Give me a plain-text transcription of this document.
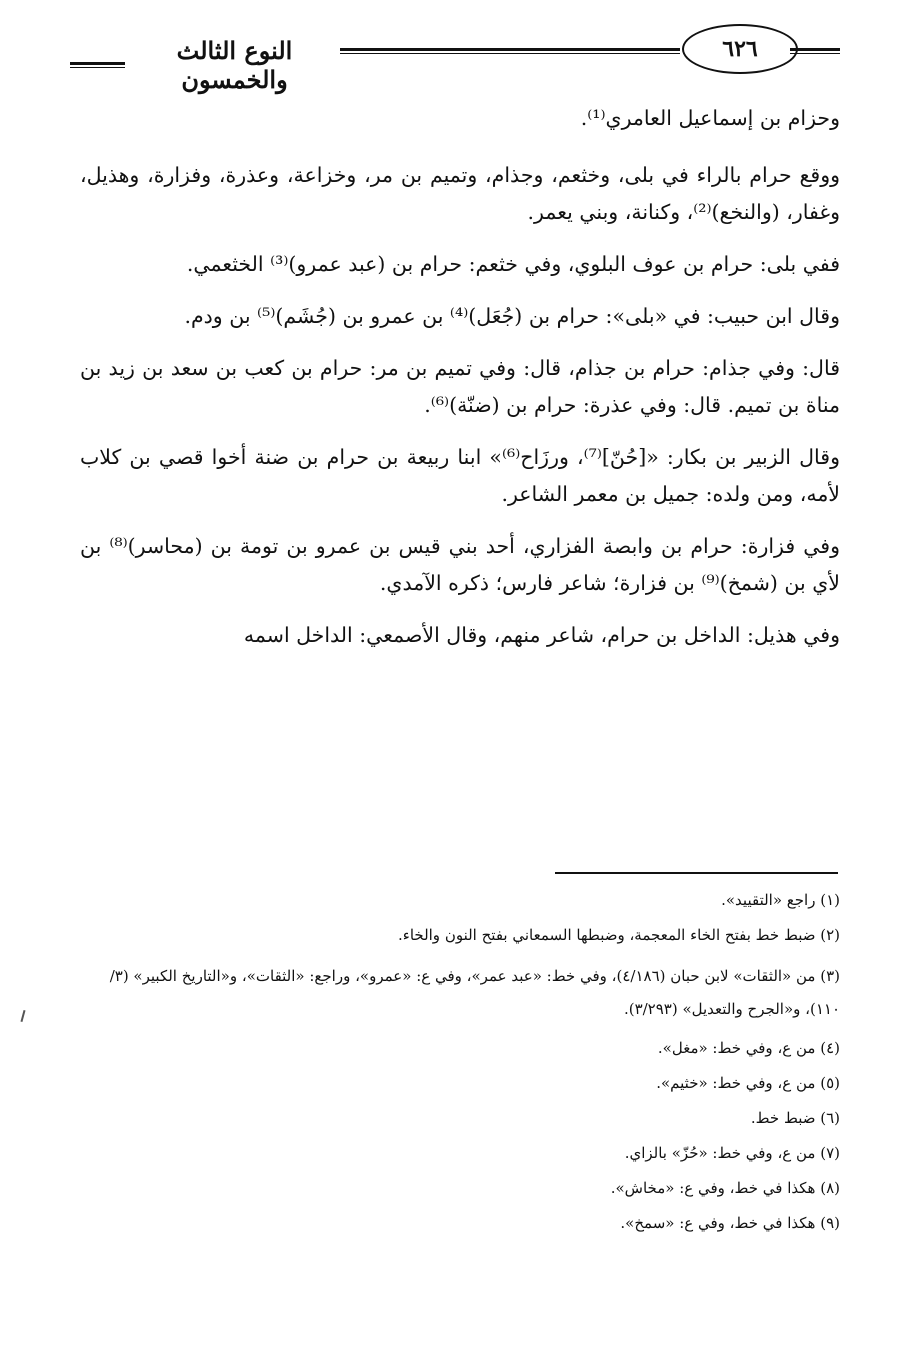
٦٢٦
النوع الثالث والخمسون

وحزام بن إسماعيل العامري⁽¹⁾.

ووقع حرام بالراء في بلى، وخثعم، وجذام، وتميم بن مر، وخزاعة، وعذرة، وفزارة، وهذيل، وغفار، (والنخع)⁽²⁾، وكنانة، وبني يعمر.

ففي بلى: حرام بن عوف البلوي، وفي خثعم: حرام بن (عبد عمرو)⁽³⁾ الخثعمي.

وقال ابن حبيب: في «بلى»: حرام بن (جُعَل)⁽⁴⁾ بن عمرو بن (جُشَم)⁽⁵⁾ بن ودم.

قال: وفي جذام: حرام بن جذام، قال: وفي تميم بن مر: حرام بن كعب بن سعد بن زيد بن مناة بن تميم. قال: وفي عذرة: حرام بن (ضنّة)⁽⁶⁾.

وقال الزبير بن بكار: «[حُنّ]⁽⁷⁾، ورزَاح⁽⁶⁾» ابنا ربيعة بن حرام بن ضنة أخوا قصي بن كلاب لأمه، ومن ولده: جميل بن معمر الشاعر.

وفي فزارة: حرام بن وابصة الفزاري، أحد بني قيس بن عمرو بن تومة بن (محاسر)⁽⁸⁾ بن لأي بن (شمخ)⁽⁹⁾ بن فزارة؛ شاعر فارس؛ ذكره الآمدي.

وفي هذيل: الداخل بن حرام، شاعر منهم، وقال الأصمعي: الداخل اسمه

(١) راجع «التقييد».
(٢) ضبط خط بفتح الخاء المعجمة، وضبطها السمعاني بفتح النون والخاء.
(٣) من «الثقات» لابن حبان (٤/١٨٦)، وفي خط: «عبد عمر»، وفي ع: «عمرو»، وراجع: «الثقات»، و«التاريخ الكبير» (٣/ ١١٠)، و«الجرح والتعديل» (٣/٢٩٣).
(٤) من ع، وفي خط: «مغل».
(٥) من ع، وفي خط: «خثيم».
(٦) ضبط خط.
(٧) من ع، وفي خط: «حُزّ» بالزاي.
(٨) هكذا في خط، وفي ع: «مخاش».
(٩) هكذا في خط، وفي ع: «سمخ».
